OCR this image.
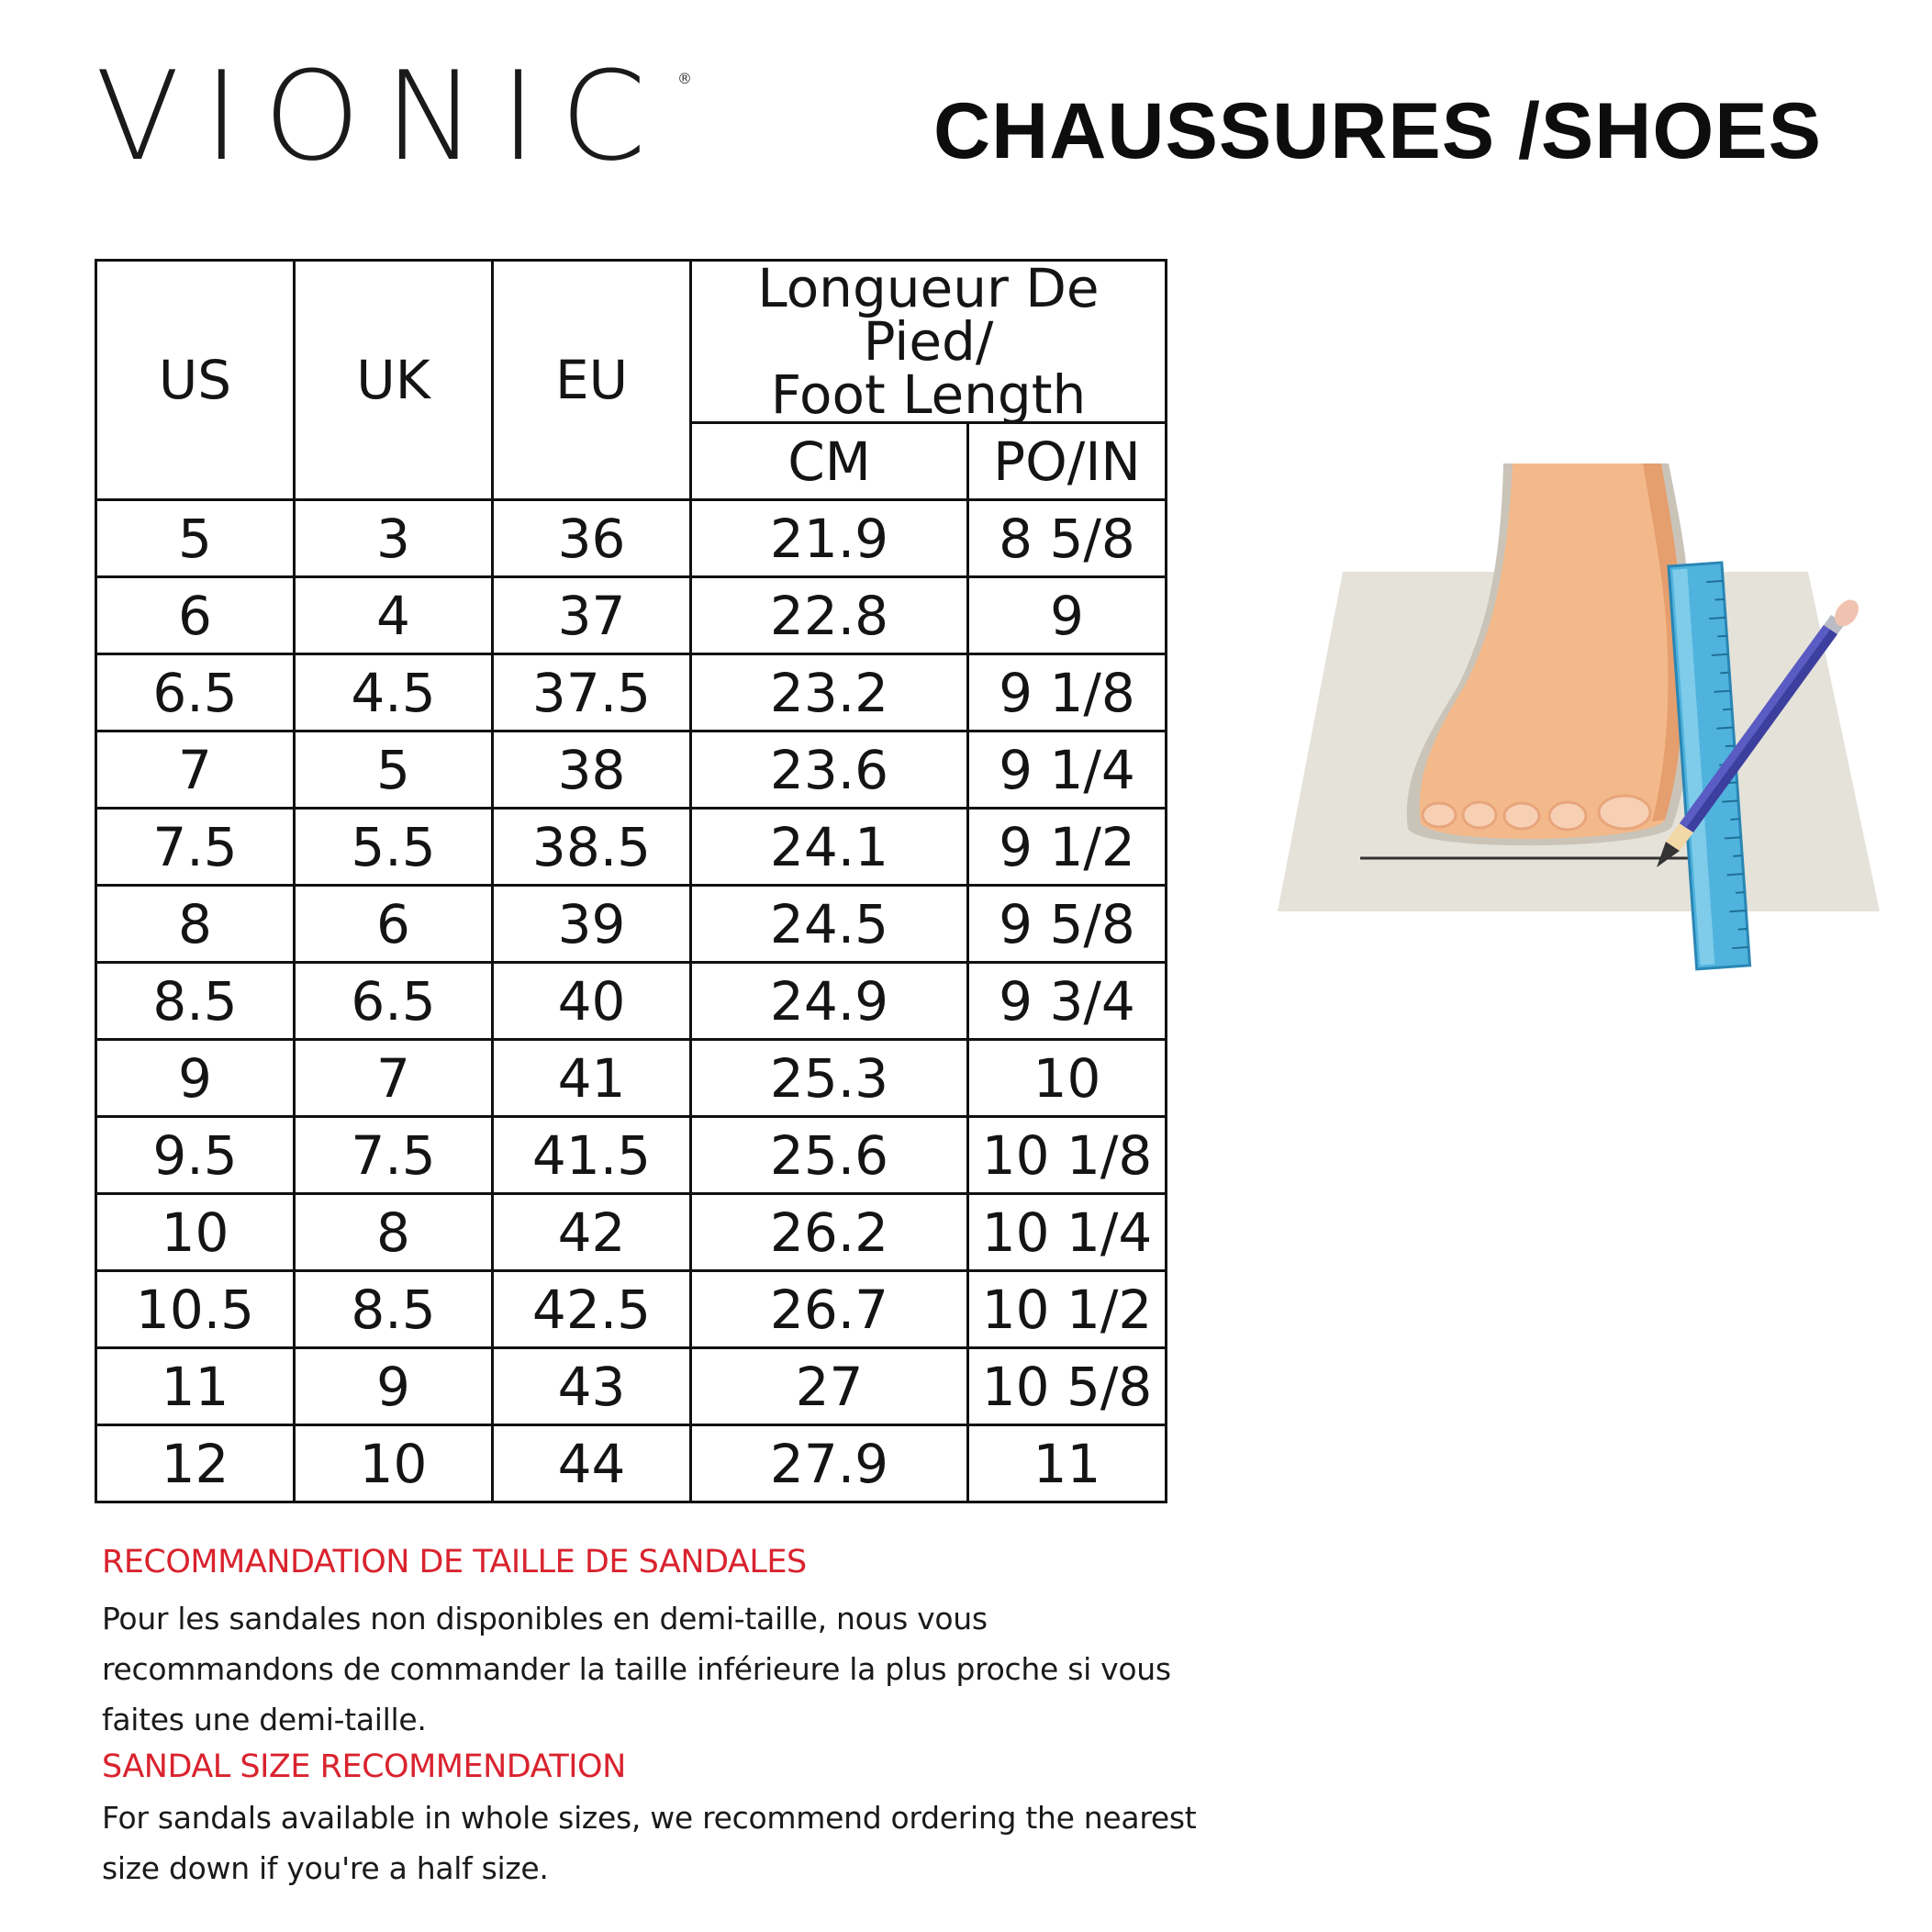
VIONIC ®
CHAUSSURES /SHOES
US	UK	EU	Longueur De Pied/
Foot Length	

			CM	PO/IN
5	3	36	21.9	8 5/8
6	4	37	22.8	9
6.5	4.5	37.5	23.2	9 1/8
7	5	38	23.6	9 1/4
7.5	5.5	38.5	24.1	9 1/2
8	6	39	24.5	9 5/8
8.5	6.5	40	24.9	9 3/4
9	7	41	25.3	10
9.5	7.5	41.5	25.6	10 1/8
10	8	42	26.2	10 1/4
10.5	8.5	42.5	26.7	10 1/2
11	9	43	27	10 5/8
12	10	44	27.9	11

RECOMMANDATION DE TAILLE DE SANDALES

Pour les sandales non disponibles en demi-taille, nous vous

recommandons de commander la taille inférieure la plus proche si vous

faites une demi-taille.

SANDAL SIZE RECOMMENDATION

For sandals available in whole sizes, we recommend ordering the nearest

size down if you're a half size.
